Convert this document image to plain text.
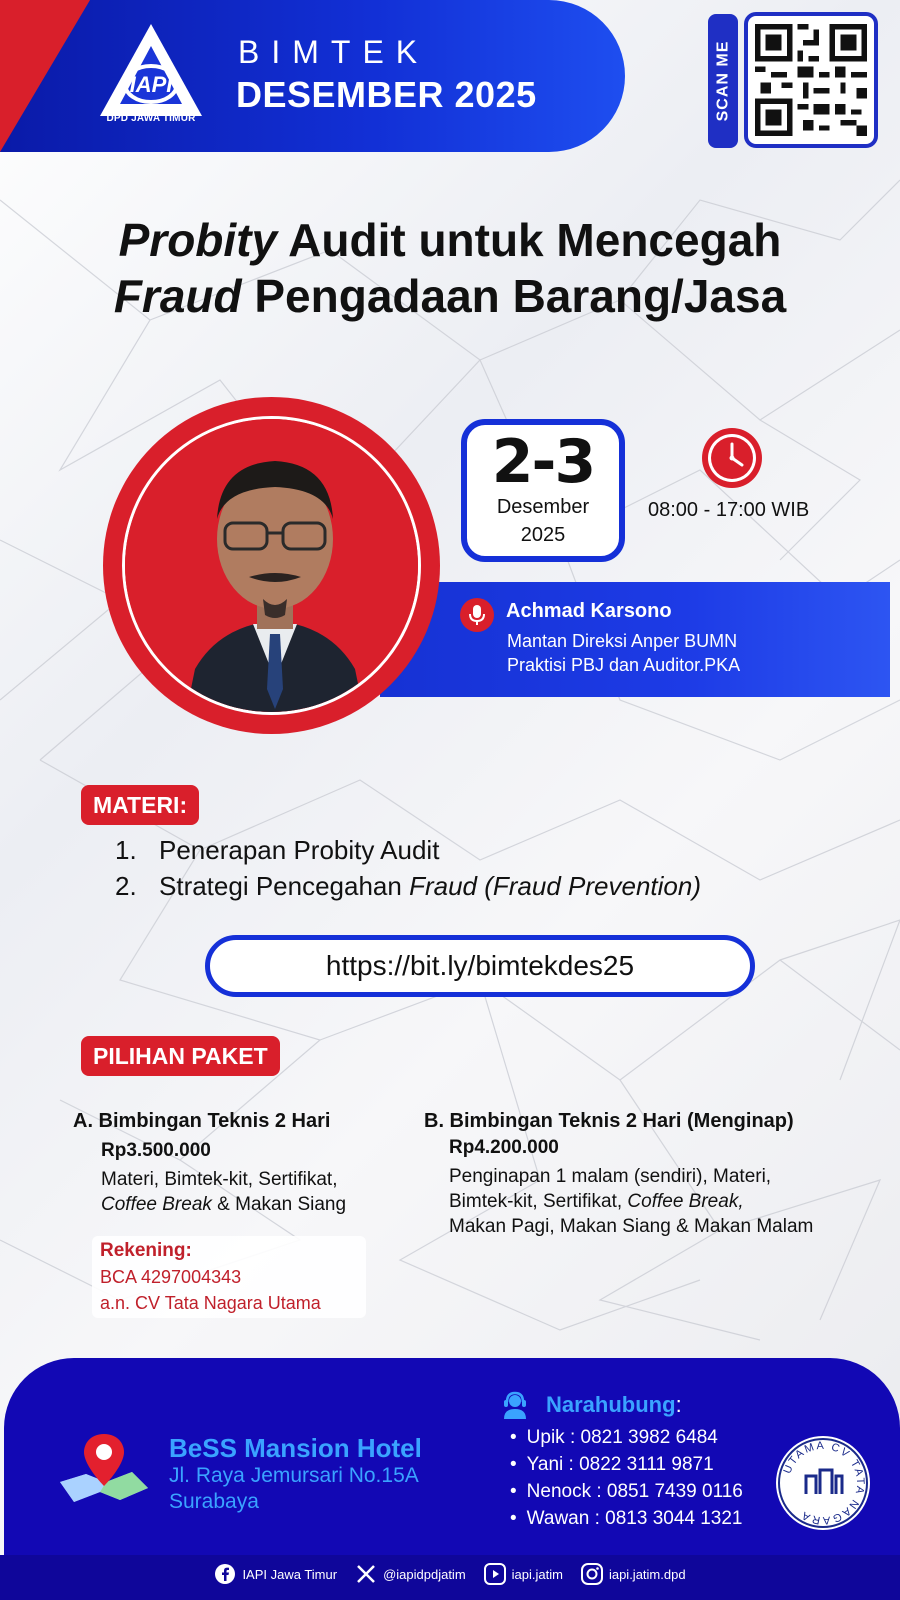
IAPI
DPD JAWA TIMUR
BIMTEK
DESEMBER 2025	SCAN ME
Probity Audit untuk Mencegah
Fraud Pengadaan Barang/Jasa
2-3
Desember
2025
08:00 - 17:00 WIB
Achmad Karsono
Mantan Direksi Anper BUMN
Praktisi PBJ dan Auditor.PKA
MATERI:
1. Penerapan Probity Audit
2. Strategi Pencegahan Fraud (Fraud Prevention)
https://bit.ly/bimtekdes25
PILIHAN PAKET
A. Bimbingan Teknis 2 Hari
Rp3.500.000
Materi, Bimtek-kit, Sertifikat,
Coffee Break & Makan Siang
B. Bimbingan Teknis 2 Hari (Menginap)
Rp4.200.000
Penginapan 1 malam (sendiri), Materi,
Bimtek-kit, Sertifikat, Coffee Break,
Makan Pagi, Makan Siang & Makan Malam
Rekening:
BCA 4297004343
a.n. CV Tata Nagara Utama
BeSS Mansion Hotel
Jl. Raya Jemursari No.15A
Surabaya
Narahubung:
• Upik : 0821 3982 6484
• Yani : 0822 3111 9871
• Nenock : 0851 7439 0116
• Wawan : 0813 3044 1321
UTAMA CV TATA NAGARA
IAPI Jawa Timur	@iapidpdjatim	iapi.jatim	iapi.jatim.dpd
